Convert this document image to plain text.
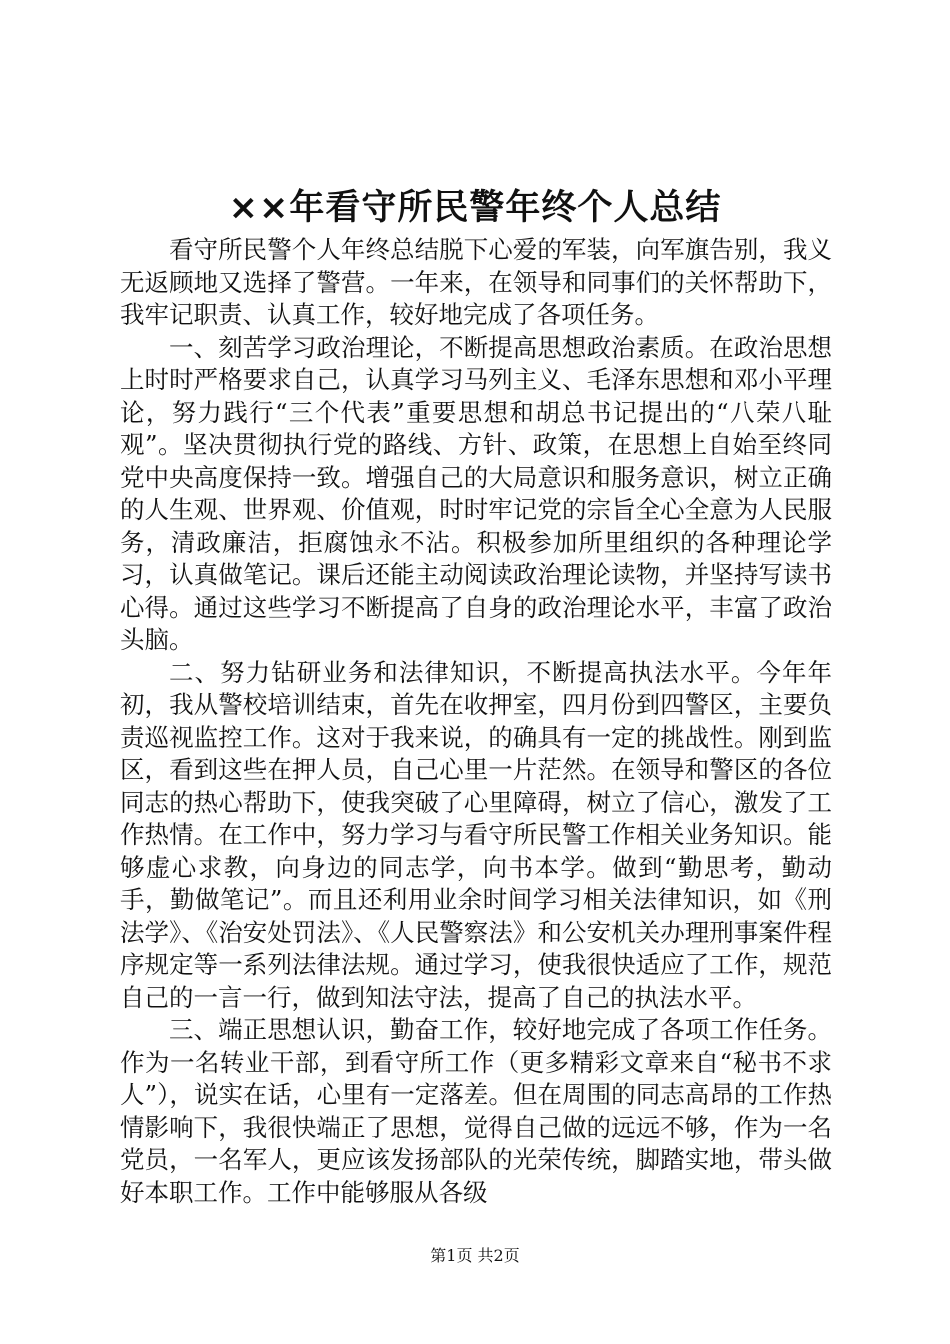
××年看守所民警年终个人总结

看守所民警个人年终总结脱下心爱的军装，向军旗告别，我义无返顾地又选择了警营。一年来，在领导和同事们的关怀帮助下，我牢记职责、认真工作，较好地完成了各项任务。

一、刻苦学习政治理论，不断提高思想政治素质。在政治思想上时时严格要求自己，认真学习马列主义、毛泽东思想和邓小平理论，努力践行“三个代表”重要思想和胡总书记提出的“八荣八耻观”。坚决贯彻执行党的路线、方针、政策，在思想上自始至终同党中央高度保持一致。增强自己的大局意识和服务意识，树立正确的人生观、世界观、价值观，时时牢记党的宗旨全心全意为人民服务，清政廉洁，拒腐蚀永不沾。积极参加所里组织的各种理论学习，认真做笔记。课后还能主动阅读政治理论读物，并坚持写读书心得。通过这些学习不断提高了自身的政治理论水平，丰富了政治头脑。

二、努力钻研业务和法律知识，不断提高执法水平。今年年初，我从警校培训结束，首先在收押室，四月份到四警区，主要负责巡视监控工作。这对于我来说，的确具有一定的挑战性。刚到监区，看到这些在押人员，自己心里一片茫然。在领导和警区的各位同志的热心帮助下，使我突破了心里障碍，树立了信心，激发了工作热情。在工作中，努力学习与看守所民警工作相关业务知识。能够虚心求教，向身边的同志学，向书本学。做到“勤思考，勤动手，勤做笔记”。而且还利用业余时间学习相关法律知识，如《刑法学》、《治安处罚法》、《人民警察法》和公安机关办理刑事案件程序规定等一系列法律法规。通过学习，使我很快适应了工作，规范自己的一言一行，做到知法守法，提高了自己的执法水平。

三、端正思想认识，勤奋工作，较好地完成了各项工作任务。作为一名转业干部，到看守所工作（更多精彩文章来自“秘书不求人”），说实在话，心里有一定落差。但在周围的同志高昂的工作热情影响下，我很快端正了思想，觉得自己做的远远不够，作为一名党员，一名军人，更应该发扬部队的光荣传统，脚踏实地，带头做好本职工作。工作中能够服从各级

第1页 共2页
